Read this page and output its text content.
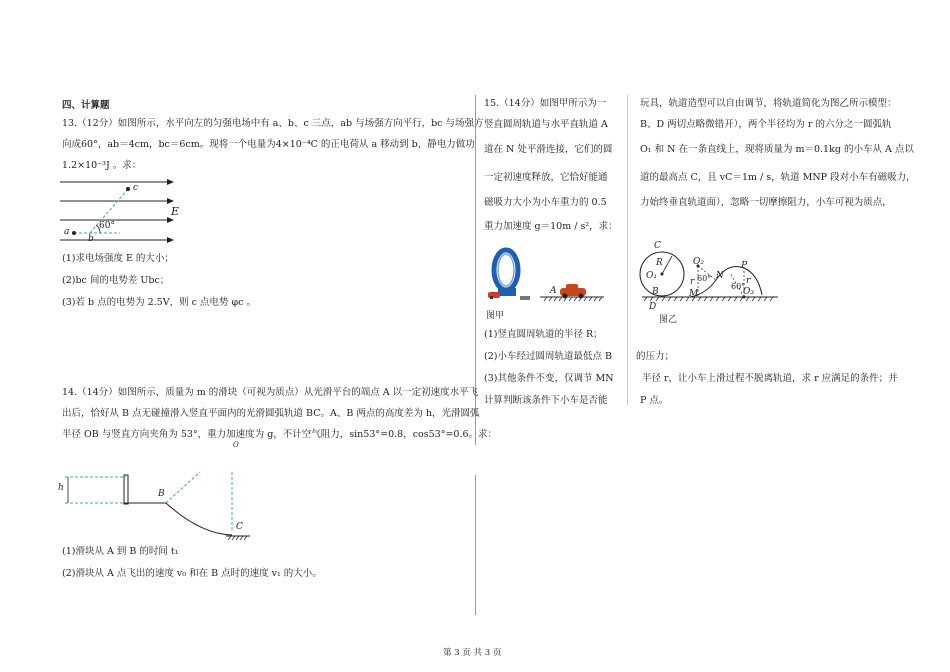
四、计算题
13.（12分）如图所示，水平向左的匀强电场中有 a、b、c 三点，ab 与场强方向平行，bc 与场强方
向成60°，ab＝4cm，bc＝6cm。现将一个电量为4×10⁻⁴C 的正电荷从 a 移动到 b，静电力做功
1.2×10⁻³J 。求：
c
E
a
60°
b
(1)求电场强度 E 的大小；
(2)bc 间的电势差 Ubc；
(3)若 b 点的电势为 2.5V，则 c 点电势 φc 。
14.（14分）如图所示，质量为 m 的滑块（可视为质点）从光滑平台的端点 A 以一定初速度水平飞
出后，恰好从 B 点无碰撞滑入竖直平面内的光滑圆弧轨道 BC。A、B 两点的高度差为 h，光滑圆弧
半径 OB 与竖直方向夹角为 53°，重力加速度为 g，不计空气阻力，sin53°=0.8，cos53°=0.6。求：
h
B
C
O
(1)滑块从 A 到 B 的时间 t₁
(2)滑块从 A 点飞出的速度 v₀ 和在 B 点时的速度 v₁ 的大小。
15.（14分）如图甲所示为一
竖直圆周轨道与水平直轨道 A
道在 N 处平滑连接，它们的圆
一定初速度释放，它恰好能通
磁吸力大小为小车重力的 0.5
重力加速度 g＝10m / s²，求：
玩具，轨道造型可以自由调节，将轨道简化为图乙所示模型：
B、D 两切点略微错开），两个半径均为 r 的六分之一圆弧轨
O₁ 和 N 在一条直线上，现将质量为 m＝0.1kg 的小车从 A 点以
道的最高点 C，且 vC＝1m / s，轨道 MNP 段对小车有磁吸力，
力始终垂直轨道面），忽略一切摩擦阻力，小车可视为质点，
A
图甲
C
R
O₁
B
D
O₂
r 60° N
M
P
r
60°
O₃
图乙
(1)竖直圆周轨道的半径 R；
(2)小车经过圆周轨道最低点 B	的压力；
(3)其他条件不变，仅调节 MN	半径 r，让小车上滑过程不脱离轨道，求 r 应满足的条件；并
计算判断该条件下小车是否能	P 点。
第 3 页 共 3 页
